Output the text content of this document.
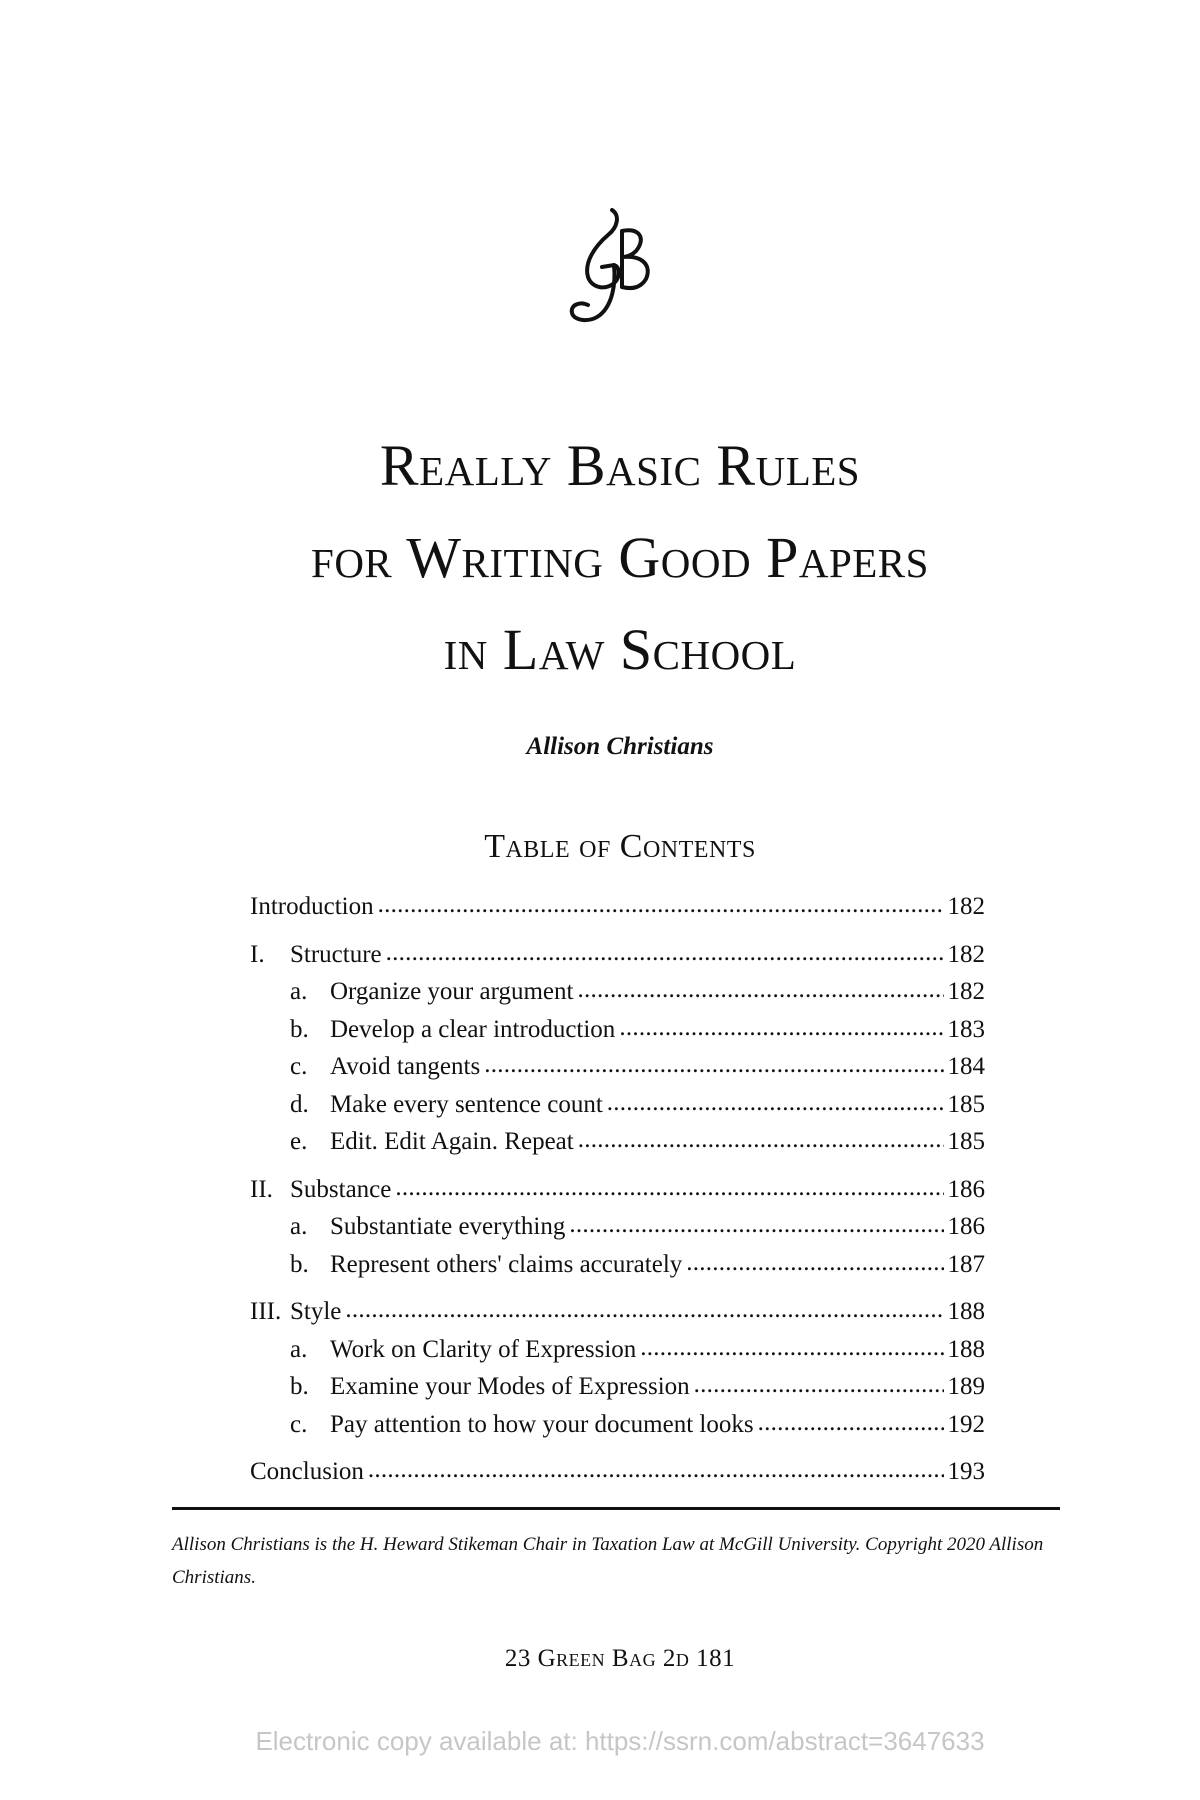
Really Basic Rules
for Writing Good Papers
in Law School

Allison Christians

Table of Contents
Introduction . . .	182
I.	Structure . . .	182
a. Organize your argument . . .	182
b. Develop a clear introduction . . .	183
c. Avoid tangents . . .	184
d. Make every sentence count . . .	185
e. Edit. Edit Again. Repeat . . .	185
II. Substance . . .	186
a. Substantiate everything . . .	186
b. Represent others' claims accurately . . .	187
III. Style . . .	188
a. Work on Clarity of Expression . . .	188
b. Examine your Modes of Expression . . .	189
c. Pay attention to how your document looks . . .	192
Conclusion . . .	193

Allison Christians is the H. Heward Stikeman Chair in Taxation Law at McGill University. Copyright 2020 Allison Christians.

23 Green Bag 2d 181

Electronic copy available at: https://ssrn.com/abstract=3647633
